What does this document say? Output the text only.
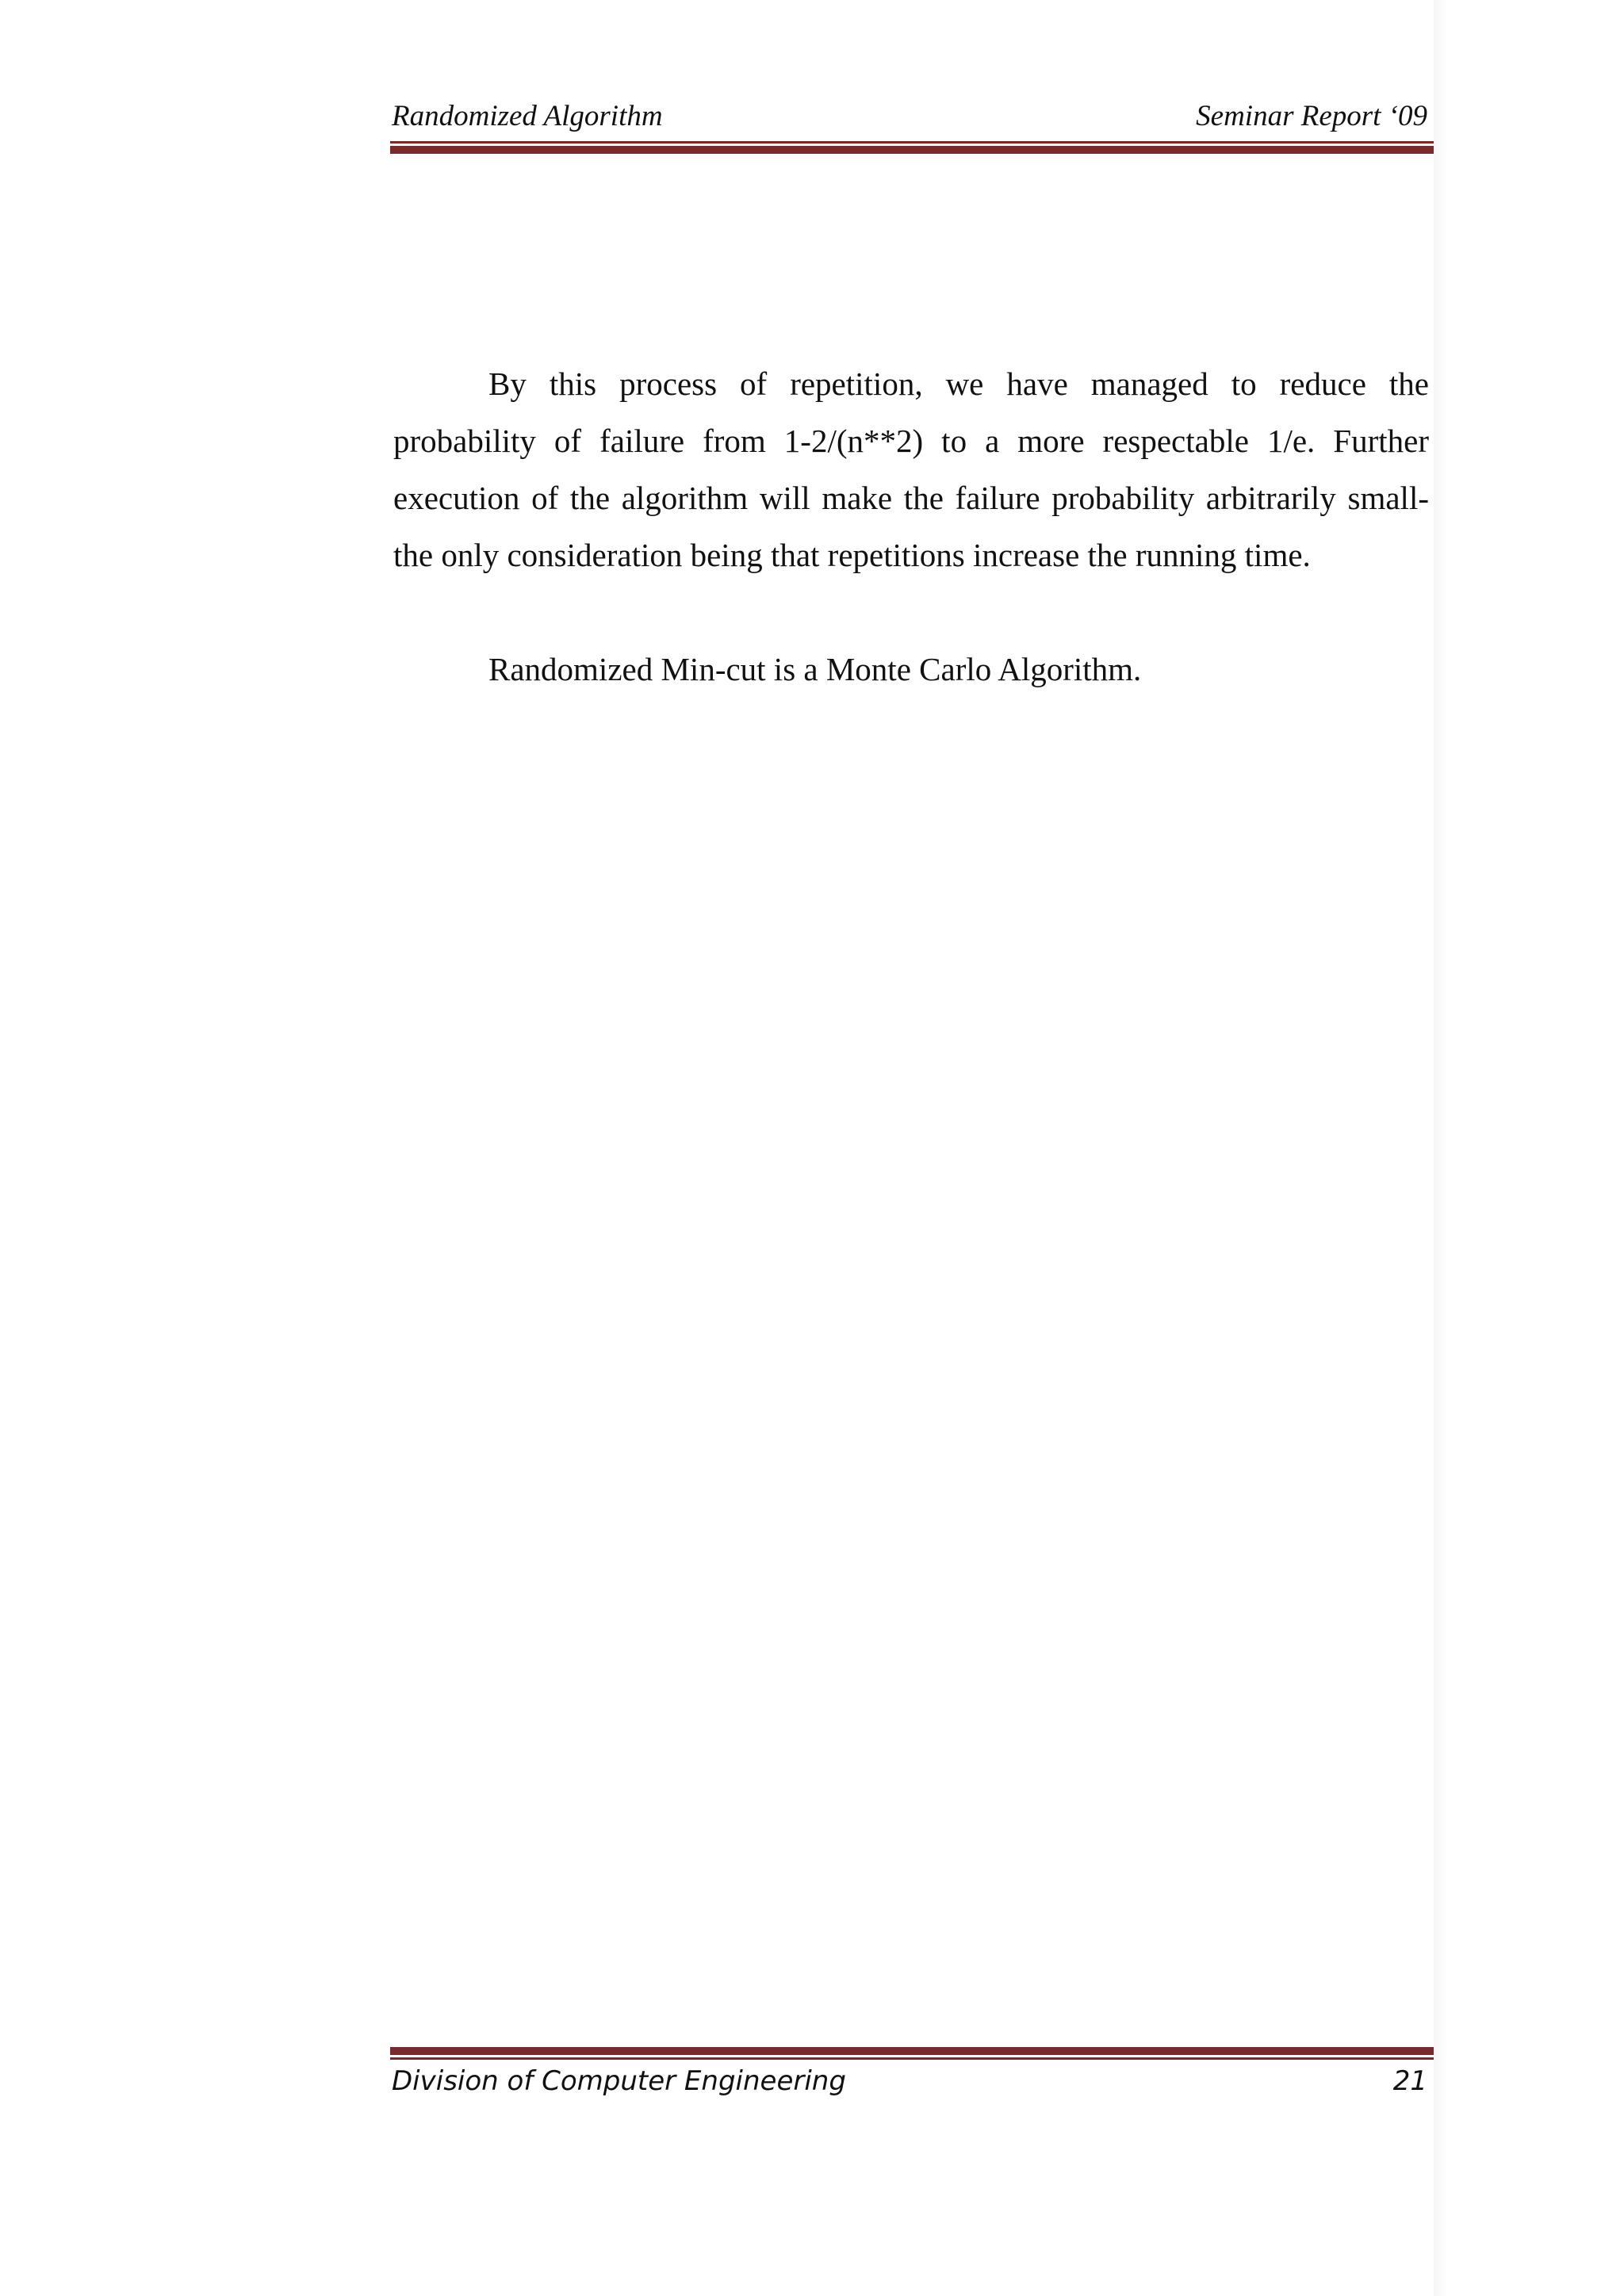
Randomized Algorithm	Seminar Report ‘09

By this process of repetition, we have managed to reduce the probability of failure from 1-2/(n**2) to a more respectable 1/e. Further execution of the algorithm will make the failure probability arbitrarily small- the only consideration being that repetitions increase the running time.

Randomized Min-cut is a Monte Carlo Algorithm.

Division of Computer Engineering	21
